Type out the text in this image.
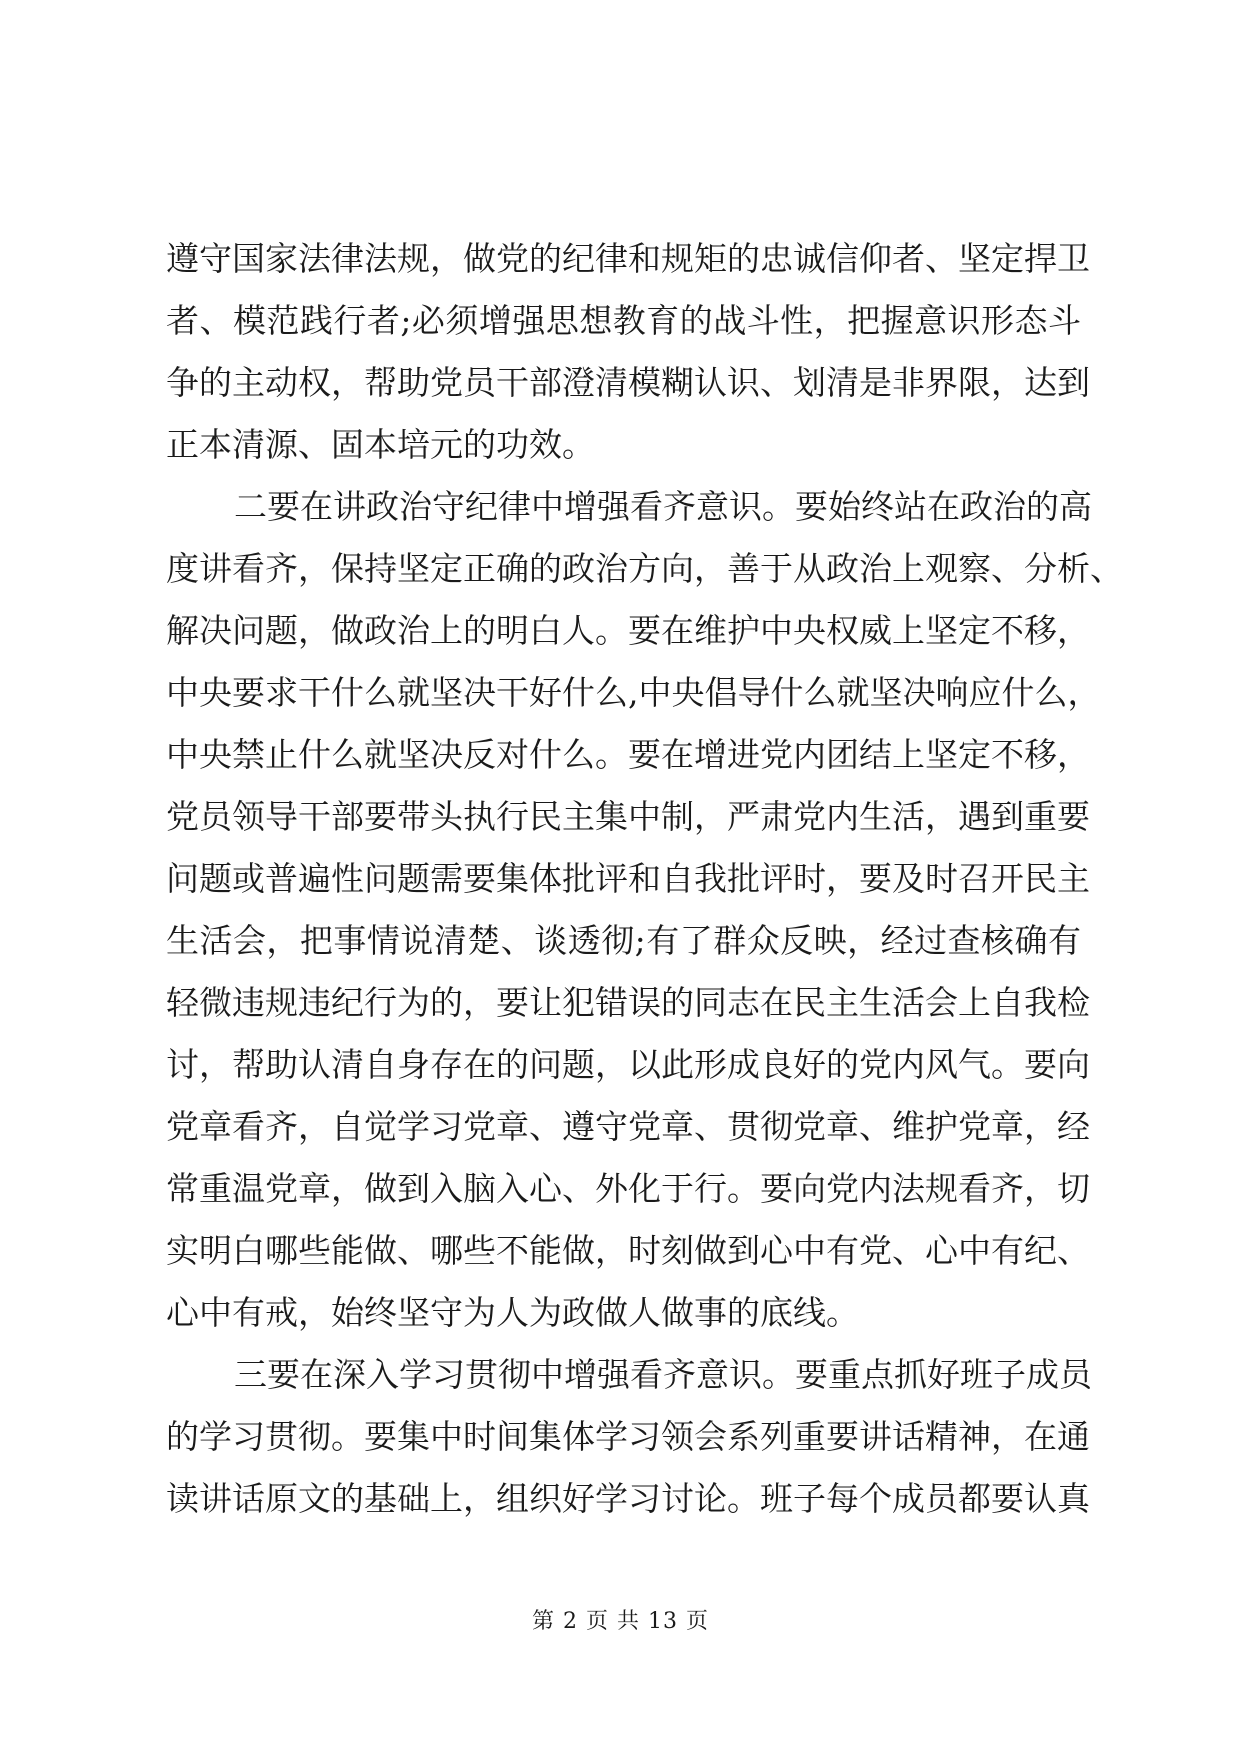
遵守国家法律法规，做党的纪律和规矩的忠诚信仰者、坚定捍卫
者、模范践行者;必须增强思想教育的战斗性，把握意识形态斗
争的主动权，帮助党员干部澄清模糊认识、划清是非界限，达到
正本清源、固本培元的功效。
二要在讲政治守纪律中增强看齐意识。要始终站在政治的高
度讲看齐，保持坚定正确的政治方向，善于从政治上观察、分析、
解决问题，做政治上的明白人。要在维护中央权威上坚定不移，
中央要求干什么就坚决干好什么,中央倡导什么就坚决响应什么，
中央禁止什么就坚决反对什么。要在增进党内团结上坚定不移，
党员领导干部要带头执行民主集中制，严肃党内生活，遇到重要
问题或普遍性问题需要集体批评和自我批评时，要及时召开民主
生活会，把事情说清楚、谈透彻;有了群众反映，经过查核确有
轻微违规违纪行为的，要让犯错误的同志在民主生活会上自我检
讨，帮助认清自身存在的问题，以此形成良好的党内风气。要向
党章看齐，自觉学习党章、遵守党章、贯彻党章、维护党章，经
常重温党章，做到入脑入心、外化于行。要向党内法规看齐，切
实明白哪些能做、哪些不能做，时刻做到心中有党、心中有纪、
心中有戒，始终坚守为人为政做人做事的底线。
三要在深入学习贯彻中增强看齐意识。要重点抓好班子成员
的学习贯彻。要集中时间集体学习领会系列重要讲话精神，在通
读讲话原文的基础上，组织好学习讨论。班子每个成员都要认真
第 2 页 共 13 页
